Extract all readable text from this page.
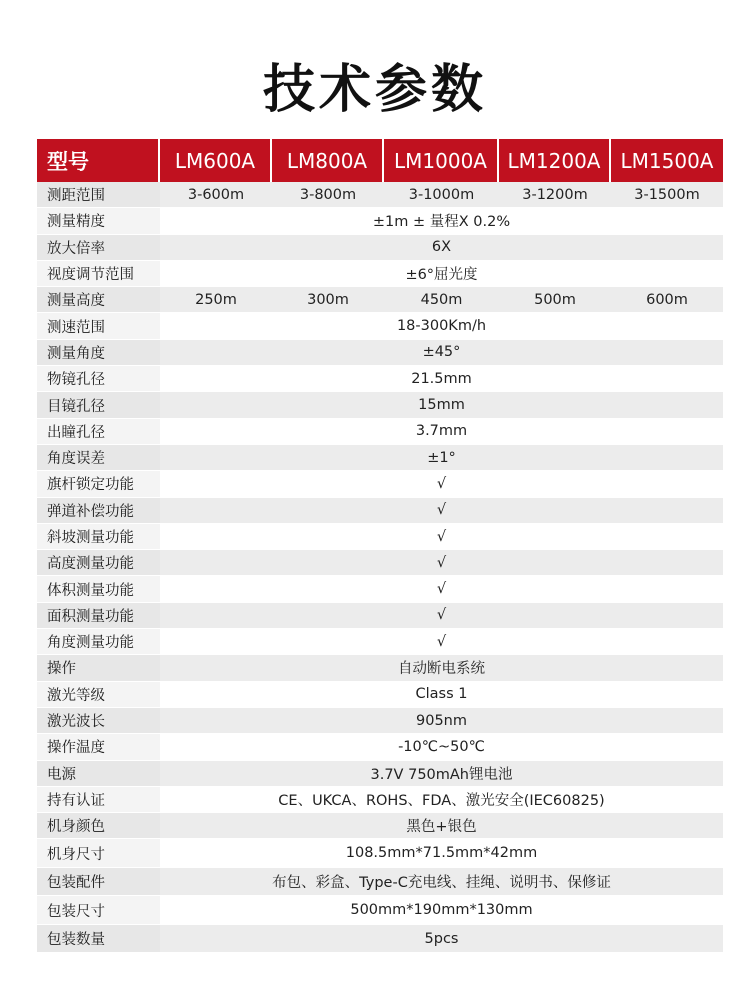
技术参数
型号	LM600A	LM800A	LM1000A	LM1200A	LM1500A
测距范围	3-600m	3-800m	3-1000m	3-1200m	3-1500m
测量精度	±1m ± 量程X 0.2%				
放大倍率	6X				
视度调节范围	±6°屈光度				
测量高度	250m	300m	450m	500m	600m
测速范围	18-300Km/h				
测量角度	±45°				
物镜孔径	21.5mm				
目镜孔径	15mm				
出瞳孔径	3.7mm				
角度误差	±1°				
旗杆锁定功能	√				
弹道补偿功能	√				
斜坡测量功能	√				
高度测量功能	√				
体积测量功能	√				
面积测量功能	√				
角度测量功能	√				
操作	自动断电系统				
激光等级	Class 1				
激光波长	905nm				
操作温度	-10℃~50℃				
电源	3.7V 750mAh锂电池				
持有认证	CE、UKCA、ROHS、FDA、激光安全(IEC60825)				
机身颜色	黑色+银色				
机身尺寸	108.5mm*71.5mm*42mm				
包装配件	布包、彩盒、Type-C充电线、挂绳、说明书、保修证				
包装尺寸	500mm*190mm*130mm				
包装数量	5pcs				
